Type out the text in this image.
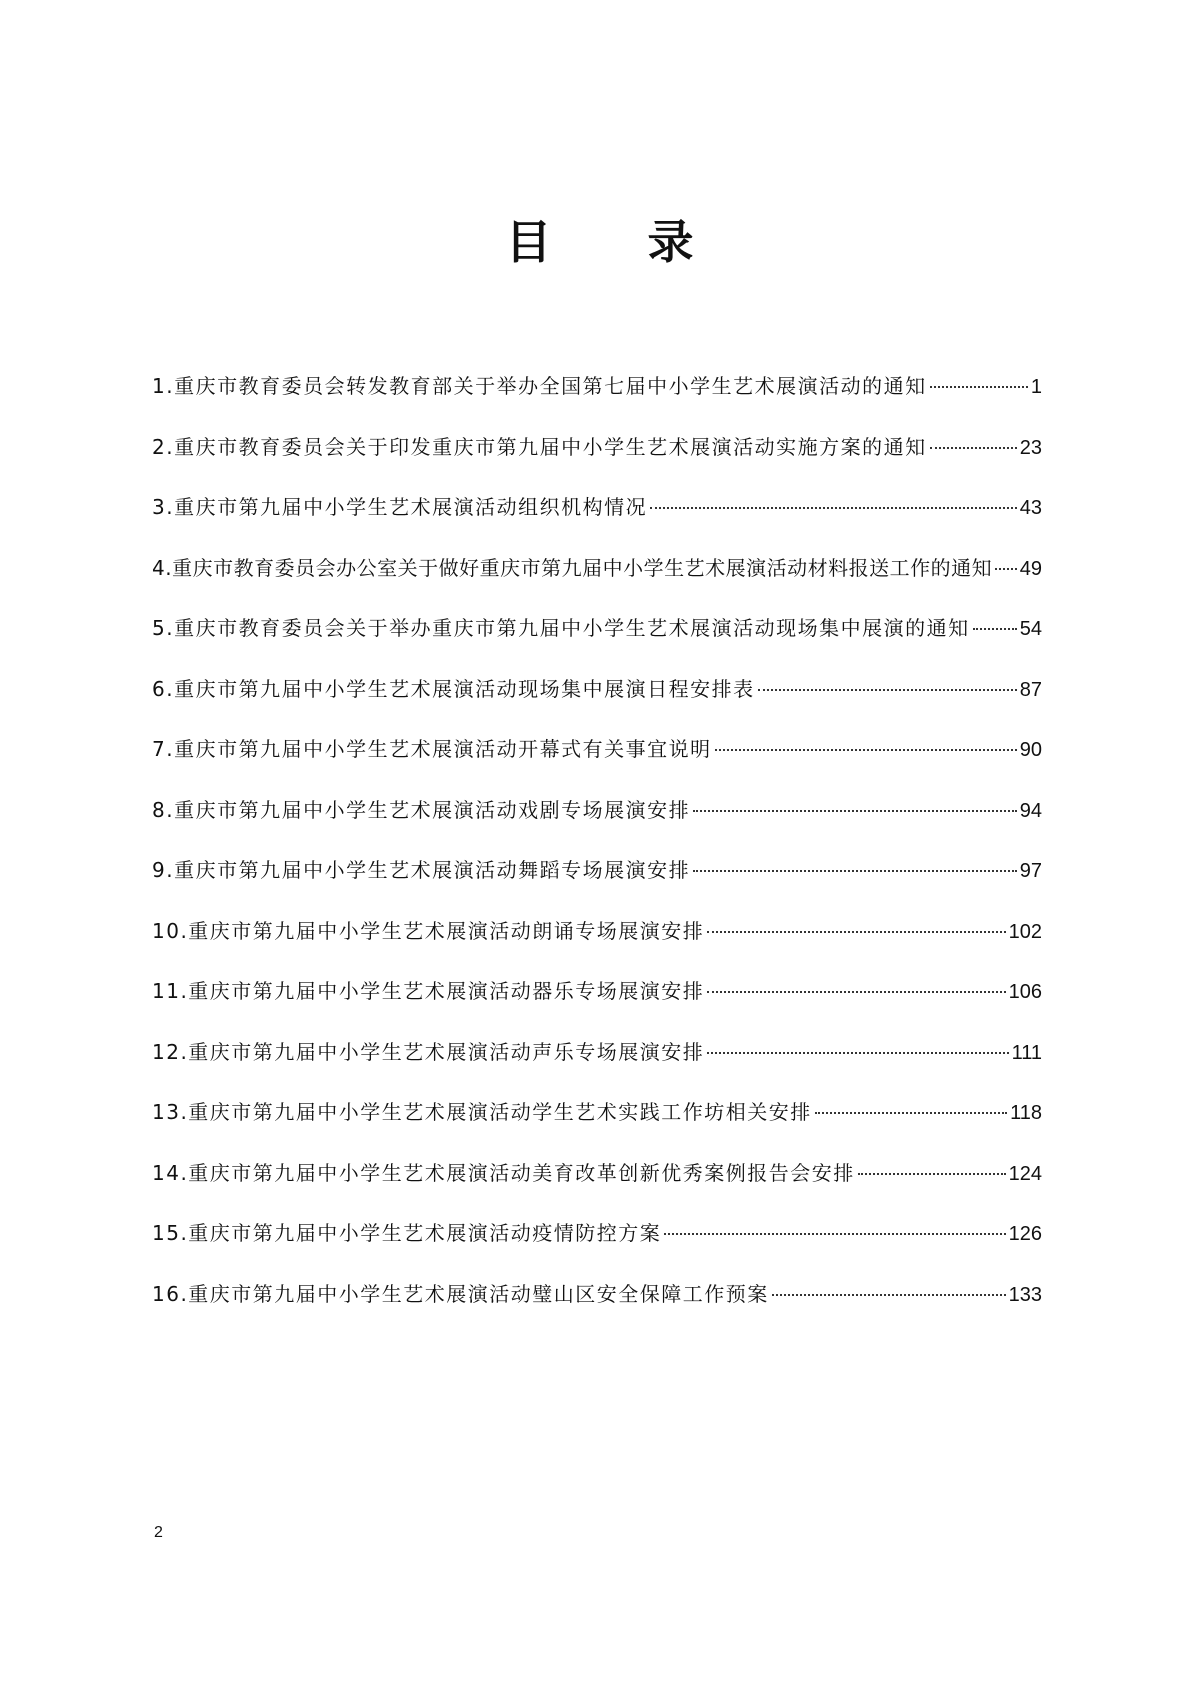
目 录
1.重庆市教育委员会转发教育部关于举办全国第七届中小学生艺术展演活动的通知	1
2.重庆市教育委员会关于印发重庆市第九届中小学生艺术展演活动实施方案的通知	23
3.重庆市第九届中小学生艺术展演活动组织机构情况	43
4.重庆市教育委员会办公室关于做好重庆市第九届中小学生艺术展演活动材料报送工作的通知 49
5.重庆市教育委员会关于举办重庆市第九届中小学生艺术展演活动现场集中展演的通知	54
6.重庆市第九届中小学生艺术展演活动现场集中展演日程安排表	87
7.重庆市第九届中小学生艺术展演活动开幕式有关事宜说明	90
8.重庆市第九届中小学生艺术展演活动戏剧专场展演安排	94
9.重庆市第九届中小学生艺术展演活动舞蹈专场展演安排	97
10.重庆市第九届中小学生艺术展演活动朗诵专场展演安排	102
11.重庆市第九届中小学生艺术展演活动器乐专场展演安排	106
12.重庆市第九届中小学生艺术展演活动声乐专场展演安排	111
13.重庆市第九届中小学生艺术展演活动学生艺术实践工作坊相关安排	118
14.重庆市第九届中小学生艺术展演活动美育改革创新优秀案例报告会安排	124
15.重庆市第九届中小学生艺术展演活动疫情防控方案	126
16.重庆市第九届中小学生艺术展演活动璧山区安全保障工作预案	133
2
